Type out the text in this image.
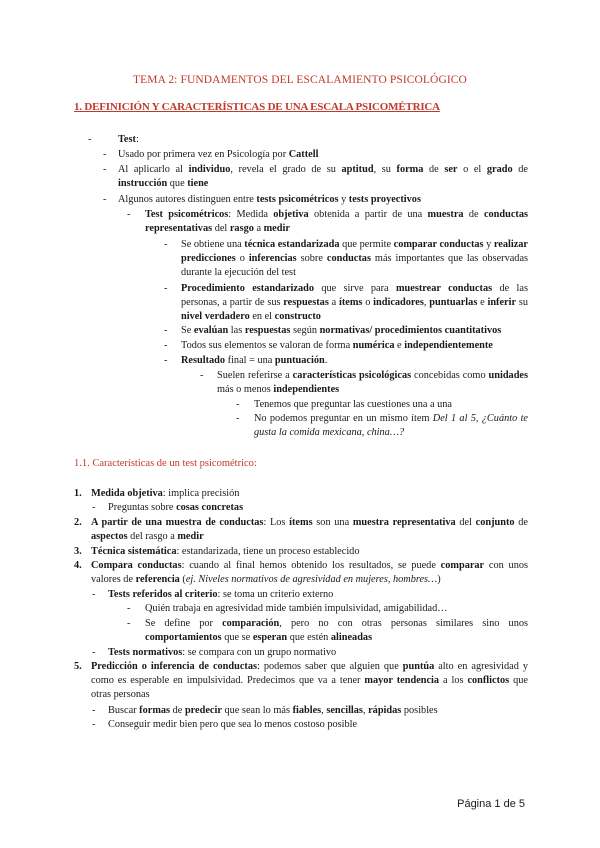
TEMA 2: FUNDAMENTOS DEL ESCALAMIENTO PSICOLÓGICO
1. DEFINICIÓN Y CARACTERÍSTICAS DE UNA ESCALA PSICOMÉTRICA
-	Test:
- Usado por primera vez en Psicología por Cattell
- Al aplicarlo al individuo, revela el grado de su aptitud, su forma de ser o el grado de instrucción que tiene
- Algunos autores distinguen entre tests psicométricos y tests proyectivos
- Test psicométricos: Medida objetiva obtenida a partir de una muestra de conductas representativas del rasgo a medir
- Se obtiene una técnica estandarizada que permite comparar conductas y realizar predicciones o inferencias sobre conductas más importantes que las observadas durante la ejecución del test
- Procedimiento estandarizado que sirve para muestrear conductas de las personas, a partir de sus respuestas a ítems o indicadores, puntuarlas e inferir su nivel verdadero en el constructo
- Se evalúan las respuestas según normativas/ procedimientos cuantitativos
- Todos sus elementos se valoran de forma numérica e independientemente
- Resultado final = una puntuación.
- Suelen referirse a características psicológicas concebidas como unidades más o menos independientes
- Tenemos que preguntar las cuestiones una a una
- No podemos preguntar en un mismo ítem Del 1 al 5, ¿Cuánto te gusta la comida mexicana, china…?
1.1. Características de un test psicométrico:
1. Medida objetiva: implica precisión
- Preguntas sobre cosas concretas
2. A partir de una muestra de conductas: Los ítems son una muestra representativa del conjunto de aspectos del rasgo a medir
3. Técnica sistemática: estandarizada, tiene un proceso establecido
4. Compara conductas: cuando al final hemos obtenido los resultados, se puede comparar con unos valores de referencia (ej. Niveles normativos de agresividad en mujeres, hombres…)
- Tests referidos al criterio: se toma un criterio externo
- Quién trabaja en agresividad mide también impulsividad, amigabilidad…
- Se define por comparación, pero no con otras personas similares sino unos comportamientos que se esperan que estén alineadas
- Tests normativos: se compara con un grupo normativo
5. Predicción o inferencia de conductas: podemos saber que alguien que puntúa alto en agresividad y como es esperable en impulsividad. Predecimos que va a tener mayor tendencia a los conflictos que otras personas
- Buscar formas de predecir que sean lo más fiables, sencillas, rápidas posibles
- Conseguir medir bien pero que sea lo menos costoso posible
Página 1 de 5
